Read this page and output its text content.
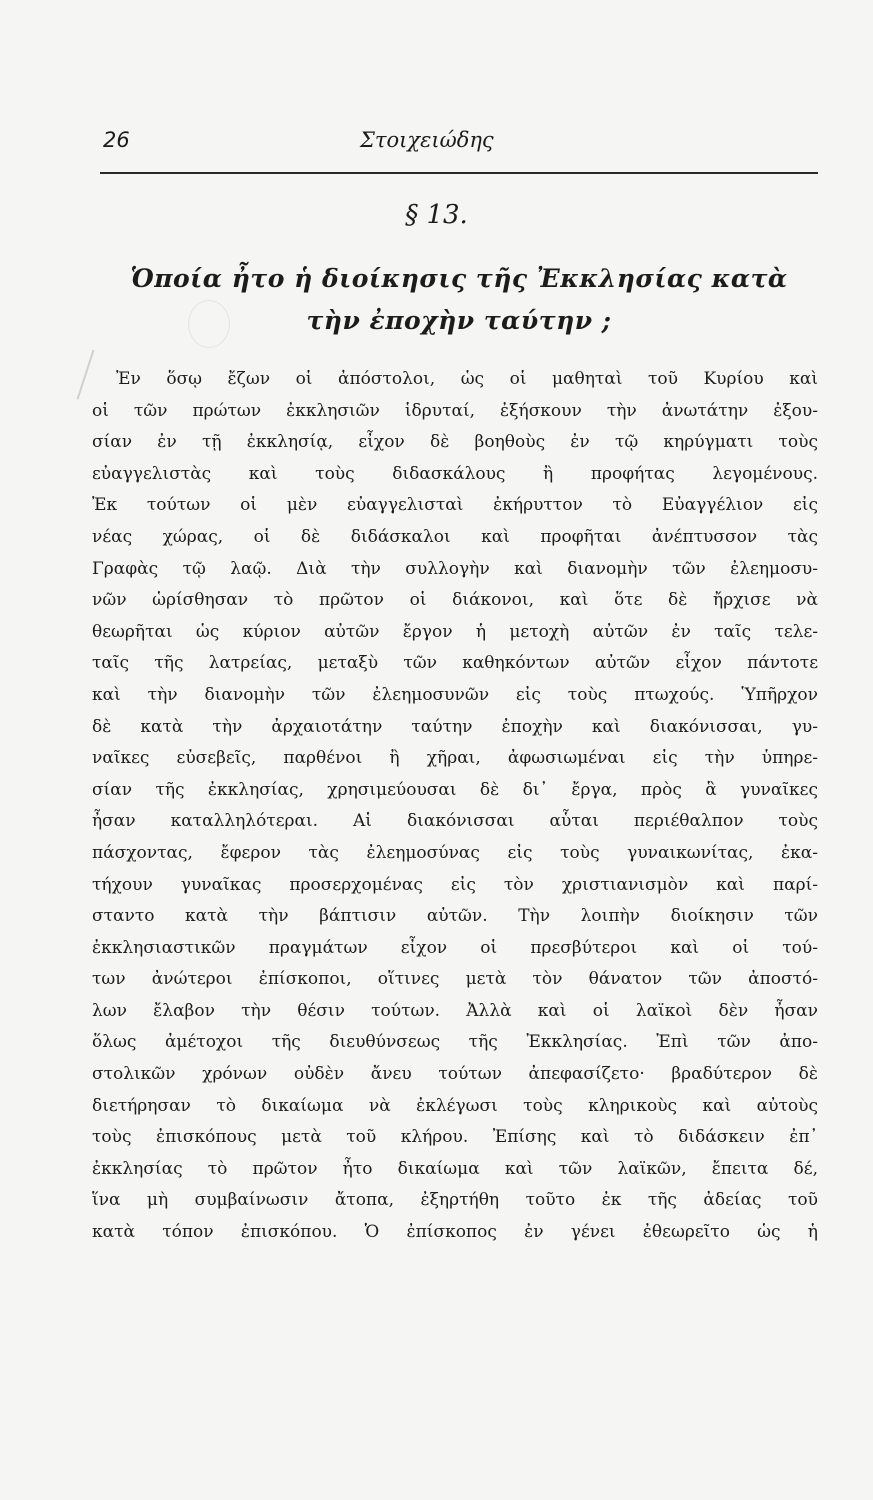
26	Στοιχειώδης
§ 13.
Ὁποία ἦτο ἡ διοίκησις τῆς Ἐκκλησίας κατὰ
τὴν ἐποχὴν ταύτην ;
Ἐν ὅσῳ ἔζων οἱ ἀπόστολοι, ὡς οἱ μαθηταὶ τοῦ Κυρίου καὶ
οἱ τῶν πρώτων ἐκκλησιῶν ἱδρυταί, ἐξήσκουν τὴν ἀνωτάτην ἐξου-
σίαν ἐν τῇ ἐκκλησίᾳ, εἶχον δὲ βοηθοὺς ἐν τῷ κηρύγματι τοὺς
εὐαγγελιστὰς καὶ τοὺς διδασκάλους ἢ προφήτας λεγομένους.
Ἐκ τούτων οἱ μὲν εὐαγγελισταὶ ἐκήρυττον τὸ Εὐαγγέλιον εἰς
νέας χώρας, οἱ δὲ διδάσκαλοι καὶ προφῆται ἀνέπτυσσον τὰς
Γραφὰς τῷ λαῷ. Διὰ τὴν συλλογὴν καὶ διανομὴν τῶν ἐλεημοσυ-
νῶν ὡρίσθησαν τὸ πρῶτον οἱ διάκονοι, καὶ ὅτε δὲ ἤρχισε νὰ
θεωρῆται ὡς κύριον αὐτῶν ἔργον ἡ μετοχὴ αὐτῶν ἐν ταῖς τελε-
ταῖς τῆς λατρείας, μεταξὺ τῶν καθηκόντων αὐτῶν εἶχον πάντοτε
καὶ τὴν διανομὴν τῶν ἐλεημοσυνῶν εἰς τοὺς πτωχούς. Ὑπῆρχον
δὲ κατὰ τὴν ἀρχαιοτάτην ταύτην ἐποχὴν καὶ διακόνισσαι, γυ-
ναῖκες εὐσεβεῖς, παρθένοι ἢ χῆραι, ἀφωσιωμέναι εἰς τὴν ὑπηρε-
σίαν τῆς ἐκκλησίας, χρησιμεύουσαι δὲ δι᾽ ἔργα, πρὸς ἃ γυναῖκες
ἦσαν καταλληλότεραι. Αἱ διακόνισσαι αὗται περιέθαλπον τοὺς
πάσχοντας, ἔφερον τὰς ἐλεημοσύνας εἰς τοὺς γυναικωνίτας, ἐκα-
τήχουν γυναῖκας προσερχομένας εἰς τὸν χριστιανισμὸν καὶ παρί-
σταντο κατὰ τὴν βάπτισιν αὐτῶν. Τὴν λοιπὴν διοίκησιν τῶν
ἐκκλησιαστικῶν πραγμάτων εἶχον οἱ πρεσβύτεροι καὶ οἱ τού-
των ἀνώτεροι ἐπίσκοποι, οἵτινες μετὰ τὸν θάνατον τῶν ἀποστό-
λων ἔλαβον τὴν θέσιν τούτων. Ἀλλὰ καὶ οἱ λαϊκοὶ δὲν ἦσαν
ὅλως ἀμέτοχοι τῆς διευθύνσεως τῆς Ἐκκλησίας. Ἐπὶ τῶν ἀπο-
στολικῶν χρόνων οὐδὲν ἄνευ τούτων ἀπεφασίζετο· βραδύτερον δὲ
διετήρησαν τὸ δικαίωμα νὰ ἐκλέγωσι τοὺς κληρικοὺς καὶ αὐτοὺς
τοὺς ἐπισκόπους μετὰ τοῦ κλήρου. Ἐπίσης καὶ τὸ διδάσκειν ἐπ᾽
ἐκκλησίας τὸ πρῶτον ἦτο δικαίωμα καὶ τῶν λαϊκῶν, ἔπειτα δέ,
ἵνα μὴ συμβαίνωσιν ἄτοπα, ἐξηρτήθη τοῦτο ἐκ τῆς ἀδείας τοῦ
κατὰ τόπον ἐπισκόπου. Ὁ ἐπίσκοπος ἐν γένει ἐθεωρεῖτο ὡς ἡ
